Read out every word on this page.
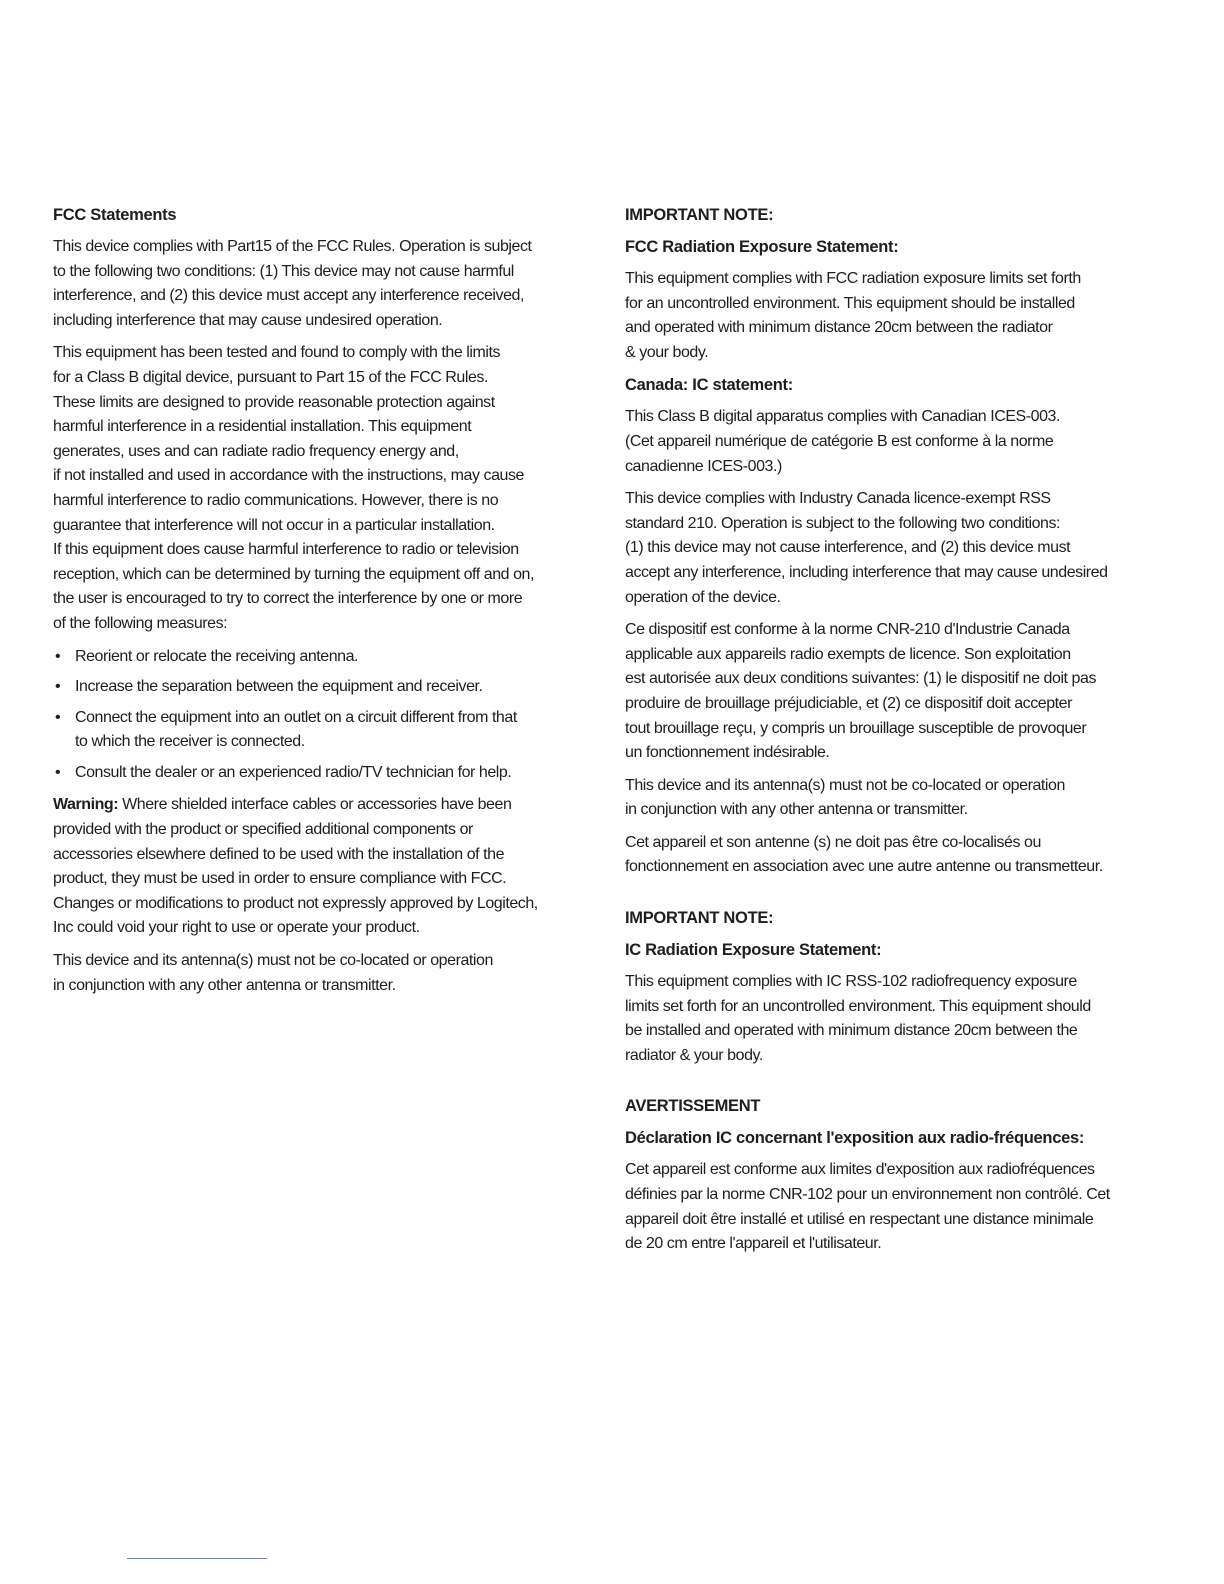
FCC Statements

This device complies with Part15 of the FCC Rules. Operation is subject
to the following two conditions: (1) This device may not cause harmful
interference, and (2) this device must accept any interference received,
including interference that may cause undesired operation.

This equipment has been tested and found to comply with the limits
for a Class B digital device, pursuant to Part 15 of the FCC Rules.
These limits are designed to provide reasonable protection against
harmful interference in a residential installation. This equipment
generates, uses and can radiate radio frequency energy and,
if not installed and used in accordance with the instructions, may cause
harmful interference to radio communications. However, there is no
guarantee that interference will not occur in a particular installation.
If this equipment does cause harmful interference to radio or television
reception, which can be determined by turning the equipment off and on,
the user is encouraged to try to correct the interference by one or more
of the following measures:

• Reorient or relocate the receiving antenna.
• Increase the separation between the equipment and receiver.
• Connect the equipment into an outlet on a circuit different from that
to which the receiver is connected.
• Consult the dealer or an experienced radio/TV technician for help.

Warning: Where shielded interface cables or accessories have been
provided with the product or specified additional components or
accessories elsewhere defined to be used with the installation of the
product, they must be used in order to ensure compliance with FCC.
Changes or modifications to product not expressly approved by Logitech,
Inc could void your right to use or operate your product.

This device and its antenna(s) must not be co-located or operation
in conjunction with any other antenna or transmitter.

IMPORTANT NOTE:
FCC Radiation Exposure Statement:

This equipment complies with FCC radiation exposure limits set forth
for an uncontrolled environment. This equipment should be installed
and operated with minimum distance 20cm between the radiator
& your body.

Canada: IC statement:

This Class B digital apparatus complies with Canadian ICES-003.
(Cet appareil numérique de catégorie B est conforme à la norme
canadienne ICES-003.)

This device complies with Industry Canada licence-exempt RSS
standard 210. Operation is subject to the following two conditions:
(1) this device may not cause interference, and (2) this device must
accept any interference, including interference that may cause undesired
operation of the device.

Ce dispositif est conforme à la norme CNR-210 d'Industrie Canada
applicable aux appareils radio exempts de licence. Son exploitation
est autorisée aux deux conditions suivantes: (1) le dispositif ne doit pas
produire de brouillage préjudiciable, et (2) ce dispositif doit accepter
tout brouillage reçu, y compris un brouillage susceptible de provoquer
un fonctionnement indésirable.

This device and its antenna(s) must not be co-located or operation
in conjunction with any other antenna or transmitter.

Cet appareil et son antenne (s) ne doit pas être co-localisés ou
fonctionnement en association avec une autre antenne ou transmetteur.

IMPORTANT NOTE:
IC Radiation Exposure Statement:

This equipment complies with IC RSS-102 radiofrequency exposure
limits set forth for an uncontrolled environment. This equipment should
be installed and operated with minimum distance 20cm between the
radiator & your body.

AVERTISSEMENT
Déclaration IC concernant l'exposition aux radio-fréquences:

Cet appareil est conforme aux limites d'exposition aux radiofréquences
définies par la norme CNR-102 pour un environnement non contrôlé. Cet
appareil doit être installé et utilisé en respectant une distance minimale
de 20 cm entre l'appareil et l'utilisateur.
